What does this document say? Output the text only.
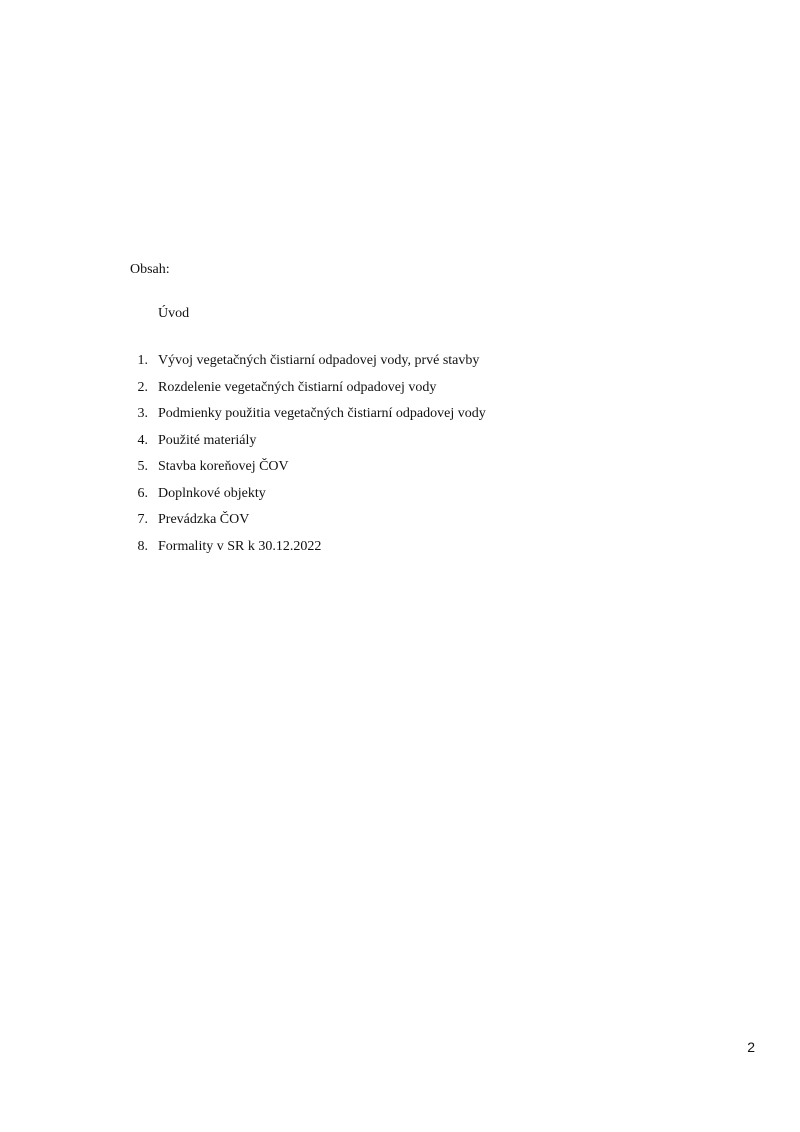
Obsah:
Úvod
1. Vývoj vegetačných čistiarní odpadovej vody, prvé stavby
2. Rozdelenie vegetačných čistiarní odpadovej vody
3. Podmienky použitia vegetačných čistiarní odpadovej vody
4. Použité materiály
5. Stavba koreňovej ČOV
6. Doplnkové objekty
7. Prevádzka ČOV
8. Formality v SR k 30.12.2022
2
